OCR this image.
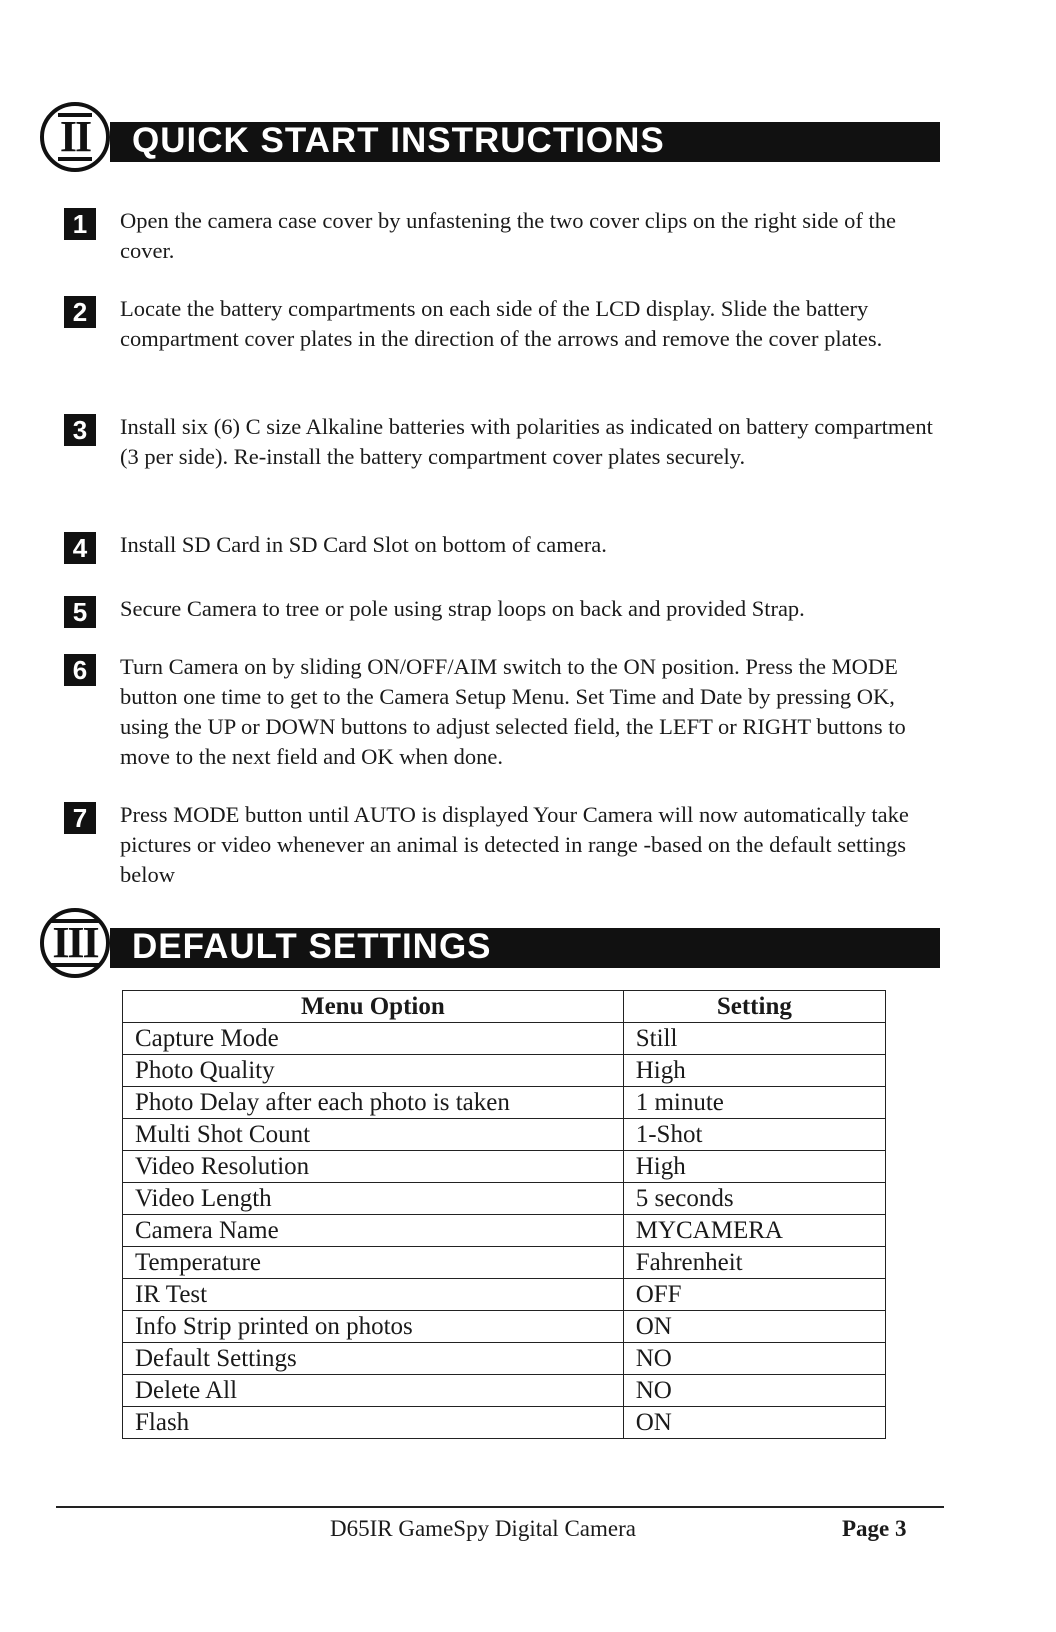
II QUICK START INSTRUCTIONS
1	Open the camera case cover by unfastening the two cover clips on the right side of the cover.
2	Locate the battery compartments on each side of the LCD display. Slide the battery compartment cover plates in the direction of the arrows and remove the cover plates.
3	Install six (6) C size Alkaline batteries with polarities as indicated on battery compartment (3 per side). Re-install the battery compartment cover plates securely.
4	Install SD Card in SD Card Slot on bottom of camera.
5	Secure Camera to tree or pole using strap loops on back and provided Strap.
6	Turn Camera on by sliding ON/OFF/AIM switch to the ON position. Press the MODE button one time to get to the Camera Setup Menu. Set Time and Date by pressing OK, using the UP or DOWN buttons to adjust selected field, the LEFT or RIGHT buttons to move to the next field and OK when done.
7	Press MODE button until AUTO is displayed Your Camera will now automatically take pictures or video whenever an animal is detected in range -based on the default settings below
III DEFAULT SETTINGS
Menu Option	Setting
Capture Mode	Still
Photo Quality	High
Photo Delay after each photo is taken	1 minute
Multi Shot Count	1-Shot
Video Resolution	High
Video Length	5 seconds
Camera Name	MYCAMERA
Temperature	Fahrenheit
IR Test	OFF
Info Strip printed on photos	ON
Default Settings	NO
Delete All	NO
Flash	ON
D65IR GameSpy Digital Camera	Page 3
